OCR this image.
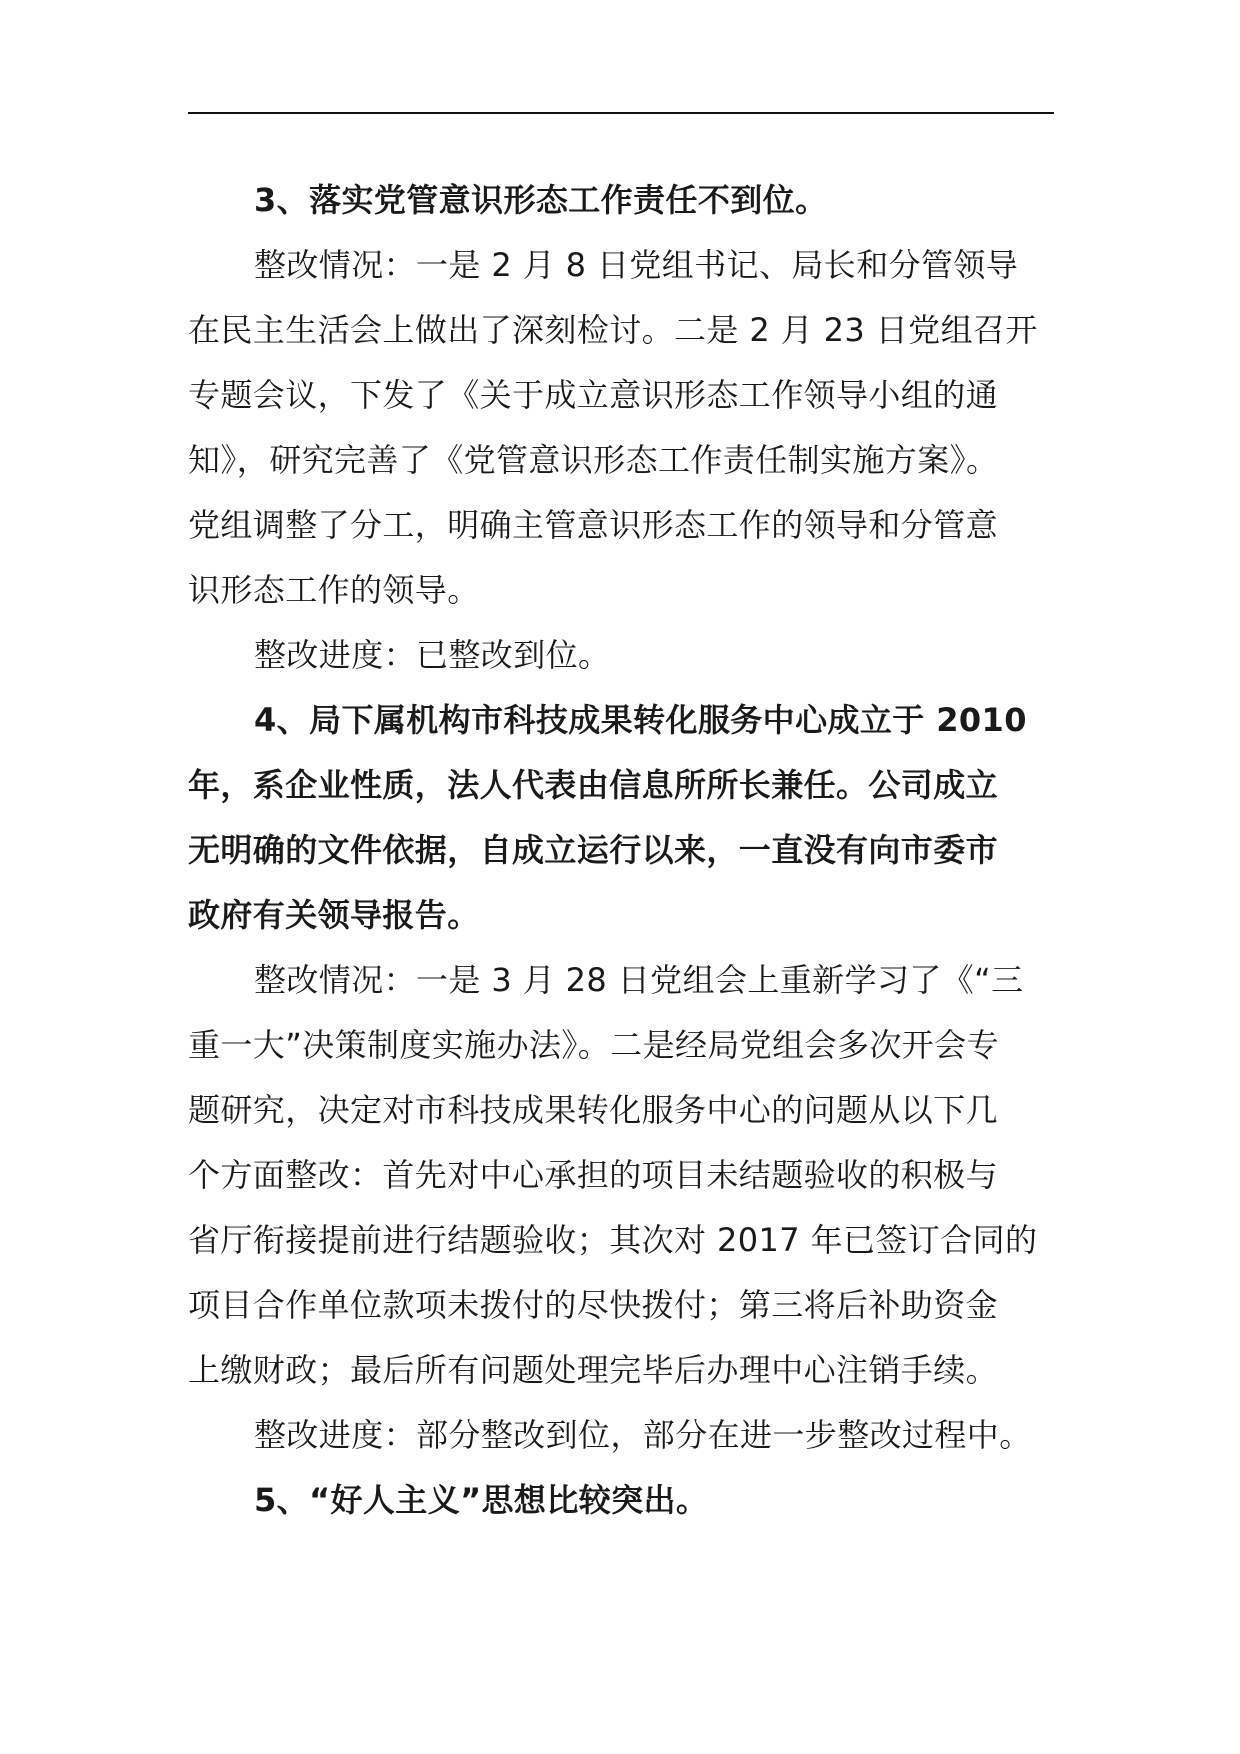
3、落实党管意识形态工作责任不到位。

整改情况：一是 2 月 8 日党组书记、局长和分管领导
在民主生活会上做出了深刻检讨。二是 2 月 23 日党组召开
专题会议，下发了《关于成立意识形态工作领导小组的通
知》，研究完善了《党管意识形态工作责任制实施方案》。
党组调整了分工，明确主管意识形态工作的领导和分管意
识形态工作的领导。

整改进度：已整改到位。

4、局下属机构市科技成果转化服务中心成立于 2010
年，系企业性质，法人代表由信息所所长兼任。公司成立
无明确的文件依据，自成立运行以来，一直没有向市委市
政府有关领导报告。

整改情况：一是 3 月 28 日党组会上重新学习了《“三
重一大”决策制度实施办法》。二是经局党组会多次开会专
题研究，决定对市科技成果转化服务中心的问题从以下几
个方面整改：首先对中心承担的项目未结题验收的积极与
省厅衔接提前进行结题验收；其次对 2017 年已签订合同的
项目合作单位款项未拨付的尽快拨付；第三将后补助资金
上缴财政；最后所有问题处理完毕后办理中心注销手续。

整改进度：部分整改到位，部分在进一步整改过程中。

5、“好人主义”思想比较突出。
